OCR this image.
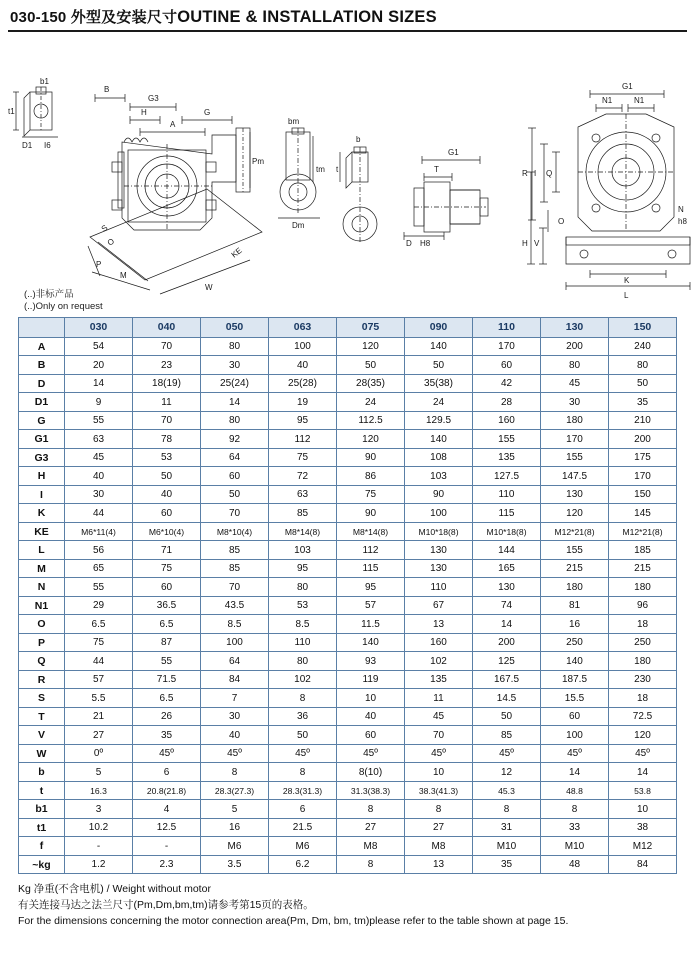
030-150 外型及安装尺寸OUTINE & INSTALLATION SIZES
t1
b1
D1 I6
B
G3
H	G
A
Pm
S
O
P
M
W
KE
bm
tm
Dm
b
t
G1
T
D H8
G1
N1	N1
Q
I
R
O
V
H
N
h8
K
L
(..)非标产品
(..)Only on request
	030	040	050	063	075	090	110	130	150
A	54	70	80	100	120	140	170	200	240
B	20	23	30	40	50	50	60	80	80
D	14	18(19)	25(24)	25(28)	28(35)	35(38)	42	45	50
D1	9	11	14	19	24	24	28	30	35
G	55	70	80	95	112.5	129.5	160	180	210
G1	63	78	92	112	120	140	155	170	200
G3	45	53	64	75	90	108	135	155	175
H	40	50	60	72	86	103	127.5	147.5	170
I	30	40	50	63	75	90	110	130	150
K	44	60	70	85	90	100	115	120	145
KE	M6*11(4)	M6*10(4)	M8*10(4)	M8*14(8)	M8*14(8)	M10*18(8)	M10*18(8)	M12*21(8)	M12*21(8)
L	56	71	85	103	112	130	144	155	185
M	65	75	85	95	115	130	165	215	215
N	55	60	70	80	95	110	130	180	180
N1	29	36.5	43.5	53	57	67	74	81	96
O	6.5	6.5	8.5	8.5	11.5	13	14	16	18
P	75	87	100	110	140	160	200	250	250
Q	44	55	64	80	93	102	125	140	180
R	57	71.5	84	102	119	135	167.5	187.5	230
S	5.5	6.5	7	8	10	11	14.5	15.5	18
T	21	26	30	36	40	45	50	60	72.5
V	27	35	40	50	60	70	85	100	120
W	0º	45º	45º	45º	45º	45º	45º	45º	45º
b	5	6	8	8	8(10)	10	12	14	14
t	16.3	20.8(21.8)	28.3(27.3)	28.3(31.3)	31.3(38.3)	38.3(41.3)	45.3	48.8	53.8
b1	3	4	5	6	8	8	8	8	10
t1	10.2	12.5	16	21.5	27	27	31	33	38
f	-	-	M6	M6	M8	M8	M10	M10	M12
~kg	1.2	2.3	3.5	6.2	8	13	35	48	84
Kg 净重(不含电机) / Weight without motor
有关连接马达之法兰尺寸(Pm,Dm,bm,tm)请参考第15页的表格。
For the dimensions concerning the motor connection area(Pm, Dm, bm, tm)please refer to the table shown at page 15.
